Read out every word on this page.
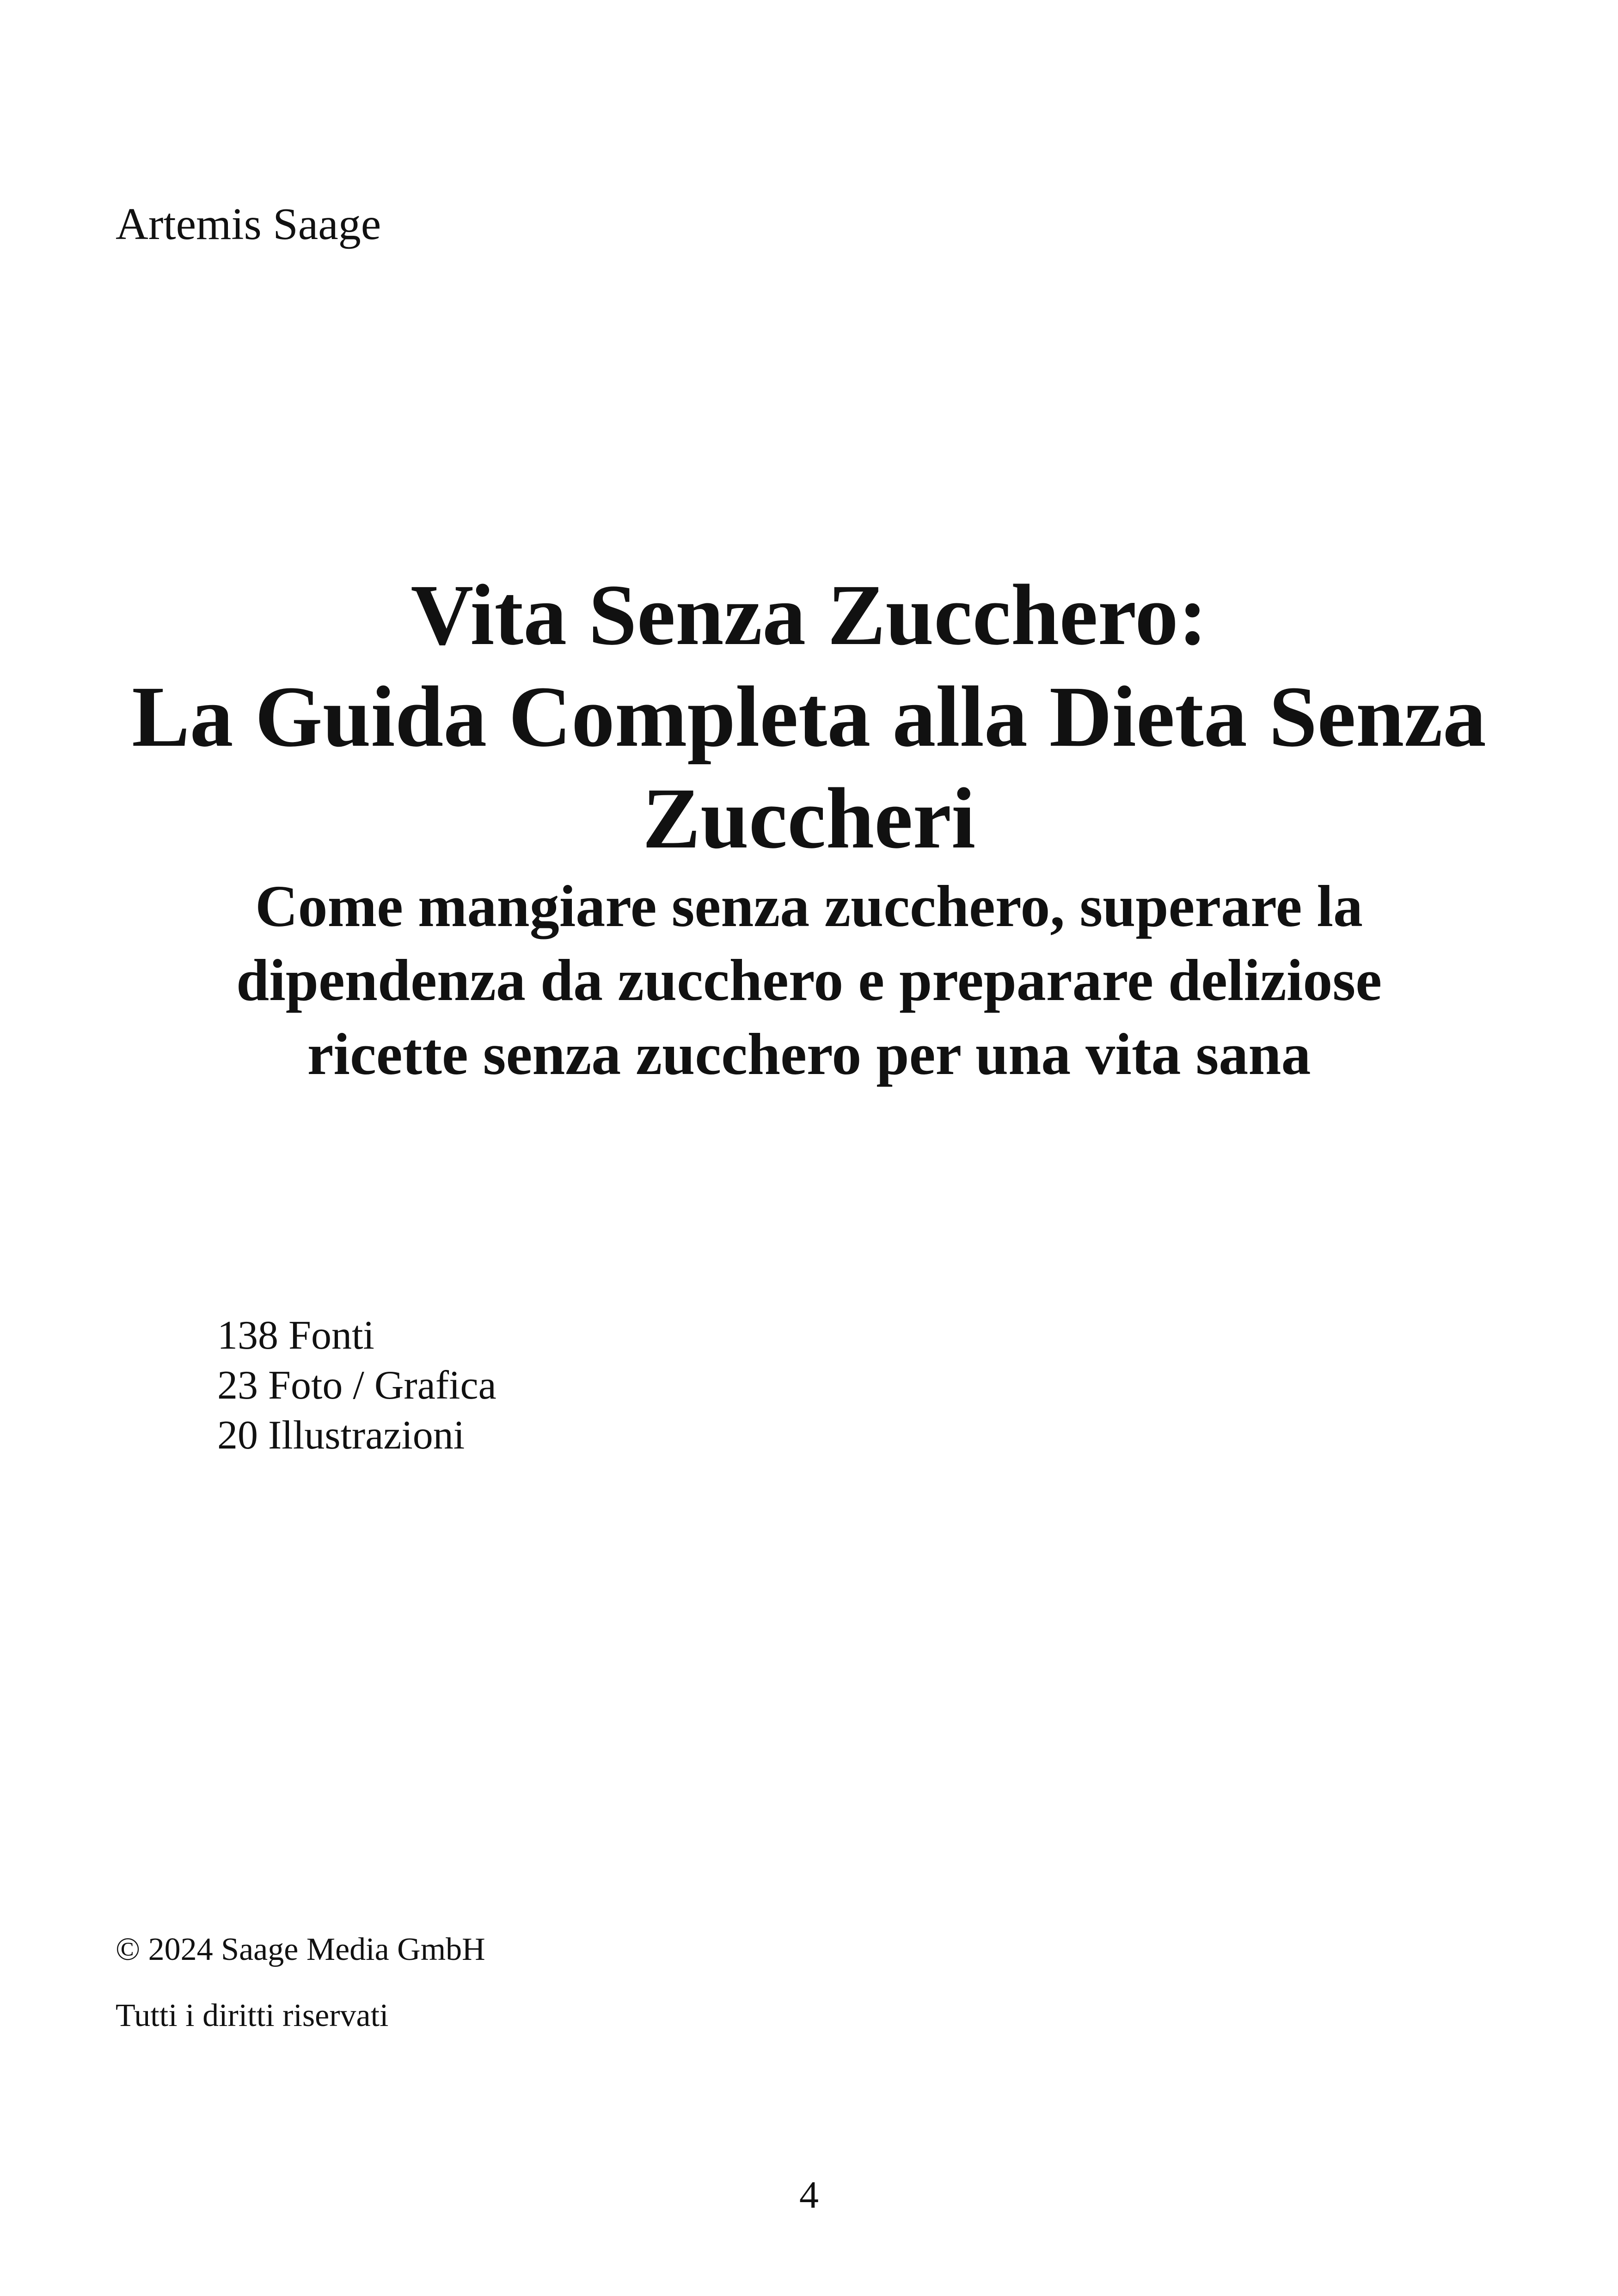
Artemis Saage
Vita Senza Zucchero:
La Guida Completa alla Dieta Senza
Zuccheri
Come mangiare senza zucchero, superare la
dipendenza da zucchero e preparare deliziose
ricette senza zucchero per una vita sana
138 Fonti
23 Foto / Grafica
20 Illustrazioni
© 2024 Saage Media GmbH
Tutti i diritti riservati
4
